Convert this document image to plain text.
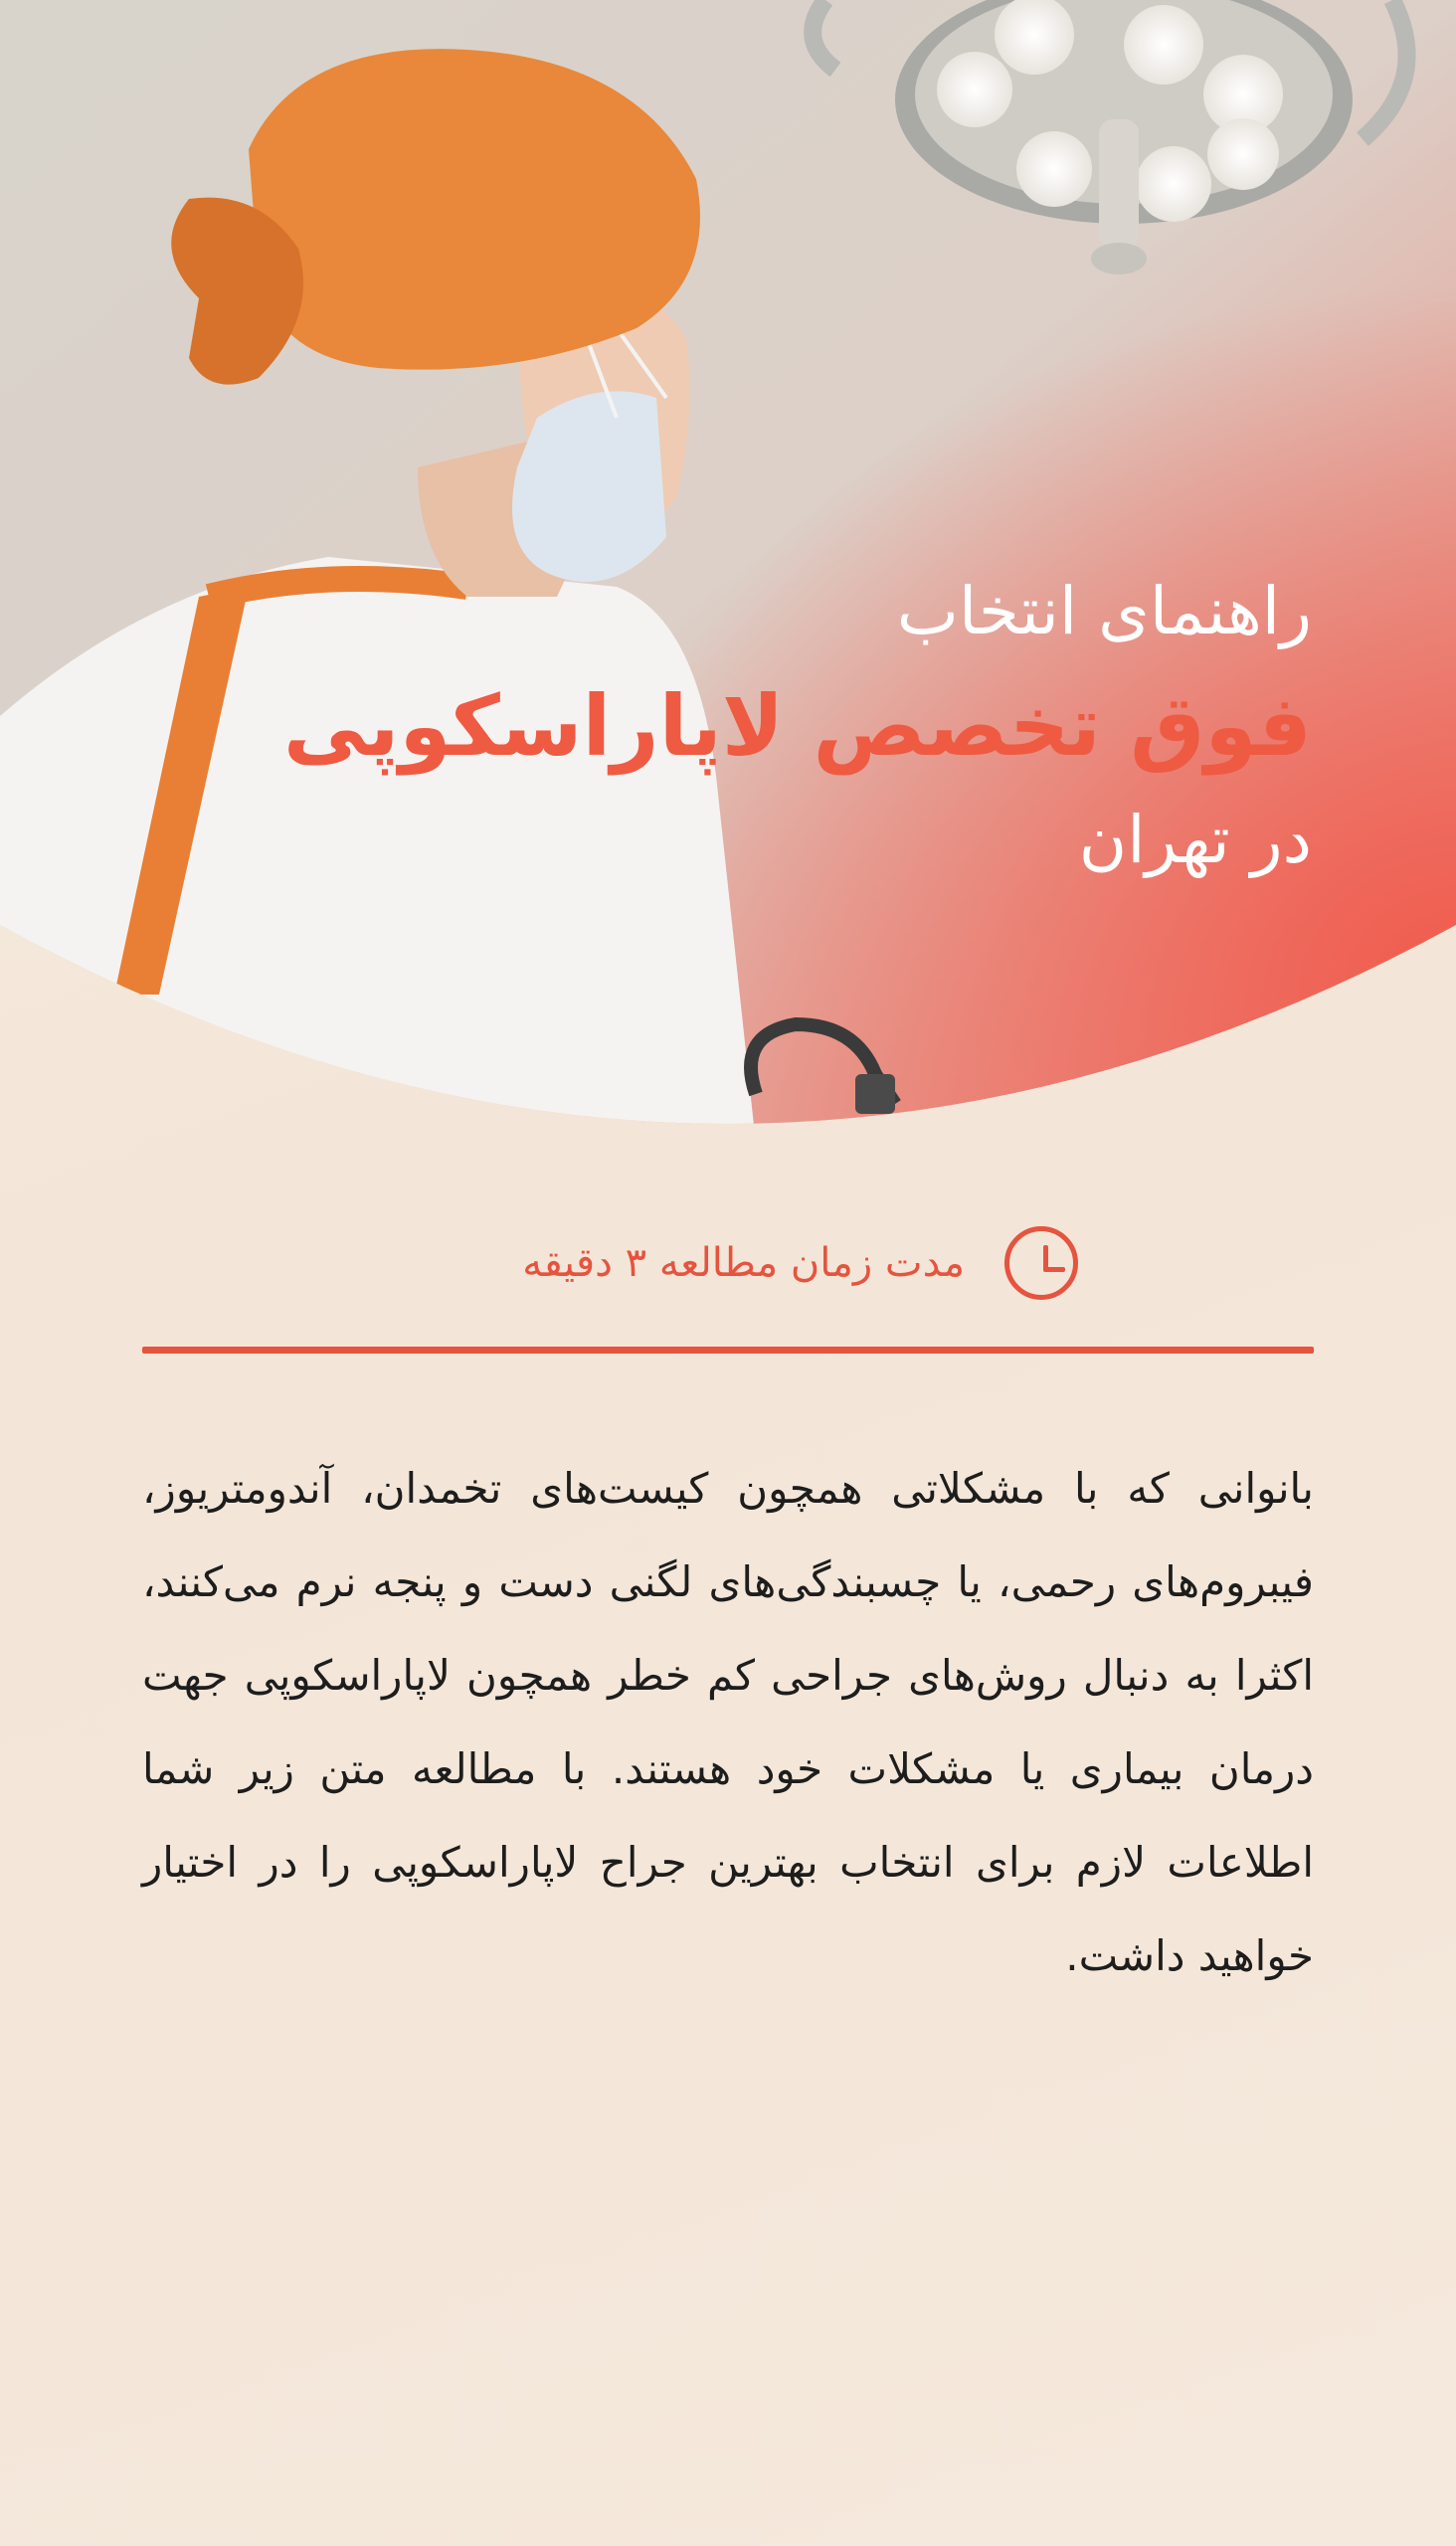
راهنمای انتخاب
فوق تخصص لاپاراسکوپی
در تهران
مدت زمان مطالعه ۳ دقیقه

بانوانی که با مشکلاتی همچون کیست‌های تخمدان، آندومتریوز، فیبروم‌های رحمی، یا چسبندگی‌های لگنی دست و پنجه نرم می‌کنند، اکثرا به دنبال روش‌های جراحی کم خطر همچون لاپاراسکوپی جهت درمان بیماری یا مشکلات خود هستند. با مطالعه متن زیر شما اطلاعات لازم برای انتخاب بهترین جراح لاپاراسکوپی را در اختیار خواهید داشت.
